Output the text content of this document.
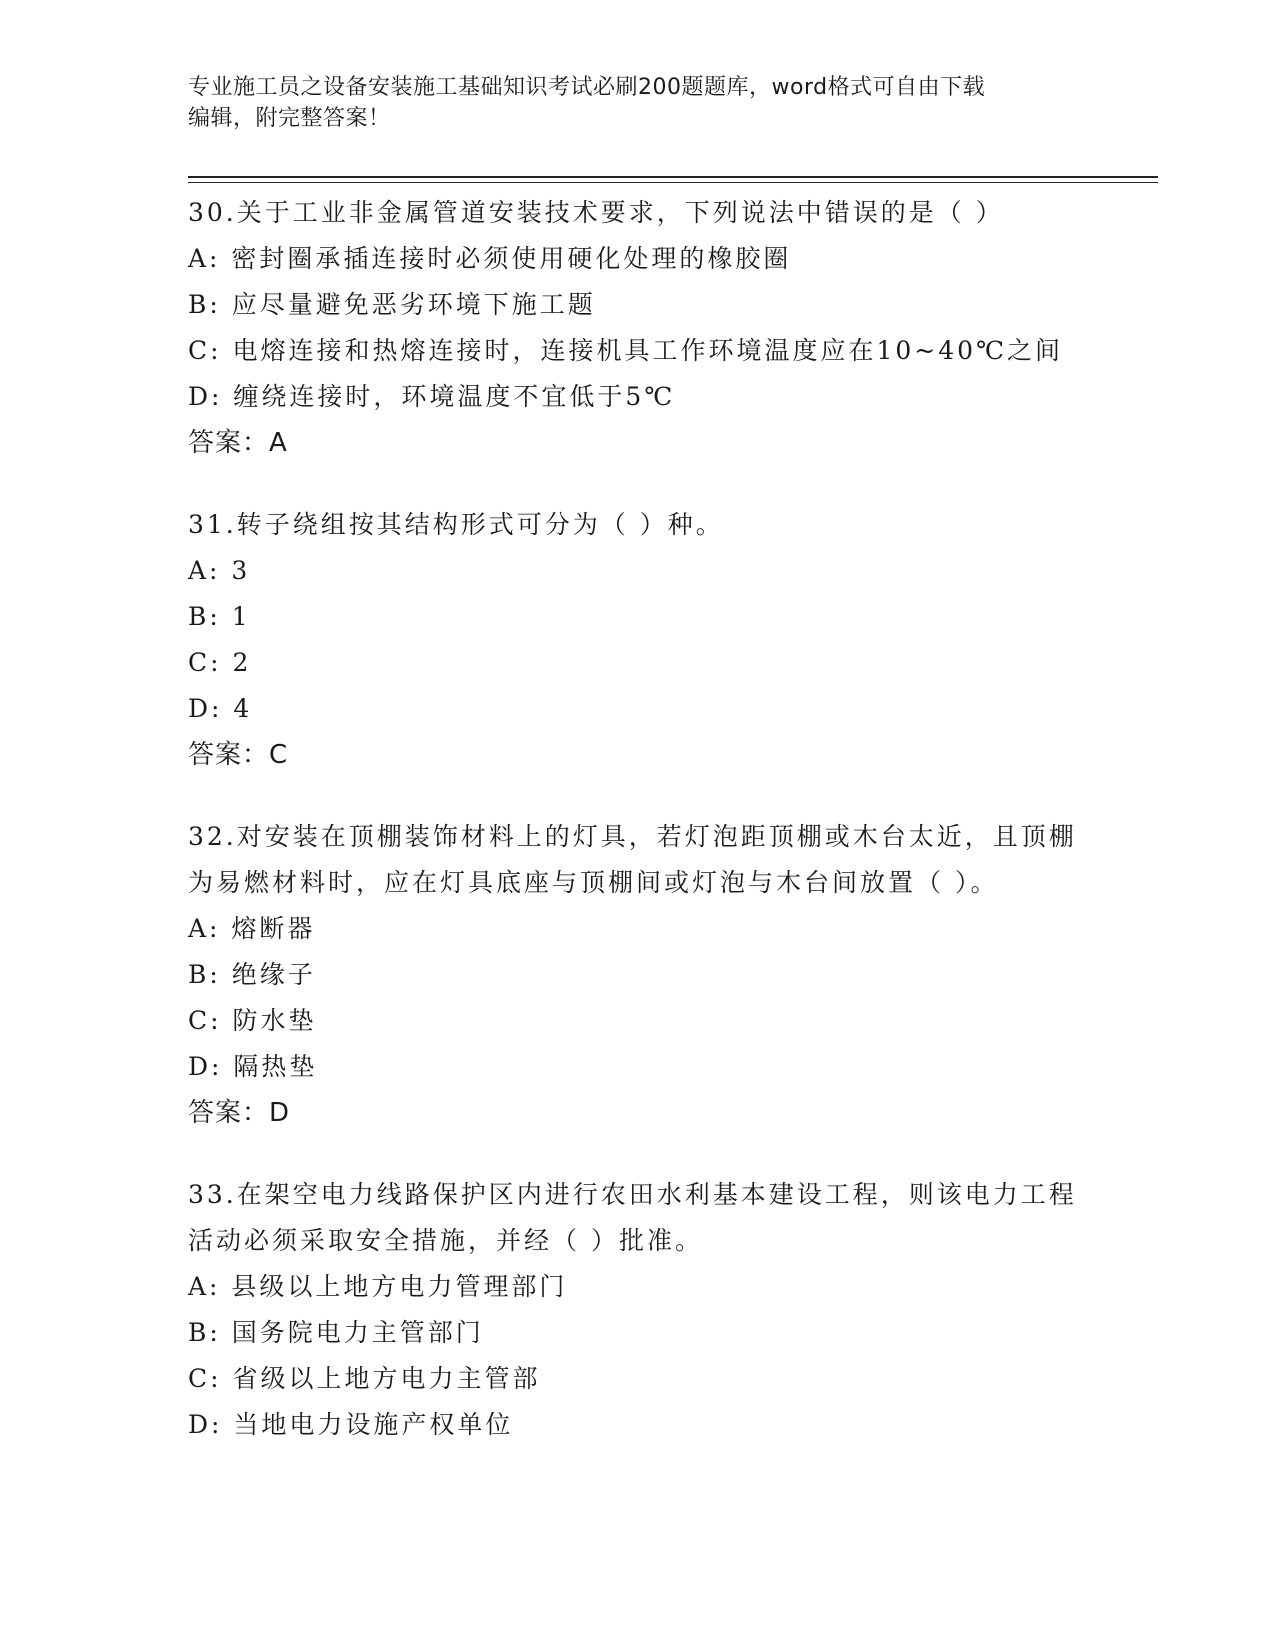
专业施工员之设备安装施工基础知识考试必刷200题题库，word格式可自由下载
编辑，附完整答案！

30.关于工业非金属管道安装技术要求，下列说法中错误的是（ ）

A: 密封圈承插连接时必须使用硬化处理的橡胶圈

B: 应尽量避免恶劣环境下施工题

C: 电熔连接和热熔连接时，连接机具工作环境温度应在10~40℃之间

D: 缠绕连接时，环境温度不宜低于5℃

答案：A

31.转子绕组按其结构形式可分为（ ）种。

A: 3

B: 1

C: 2

D: 4

答案：C

32.对安装在顶棚装饰材料上的灯具，若灯泡距顶棚或木台太近，且顶棚为易燃材料时，应在灯具底座与顶棚间或灯泡与木台间放置（ ）。

A: 熔断器

B: 绝缘子

C: 防水垫

D: 隔热垫

答案：D

33.在架空电力线路保护区内进行农田水利基本建设工程，则该电力工程活动必须采取安全措施，并经（ ）批准。

A: 县级以上地方电力管理部门

B: 国务院电力主管部门

C: 省级以上地方电力主管部

D: 当地电力设施产权单位
